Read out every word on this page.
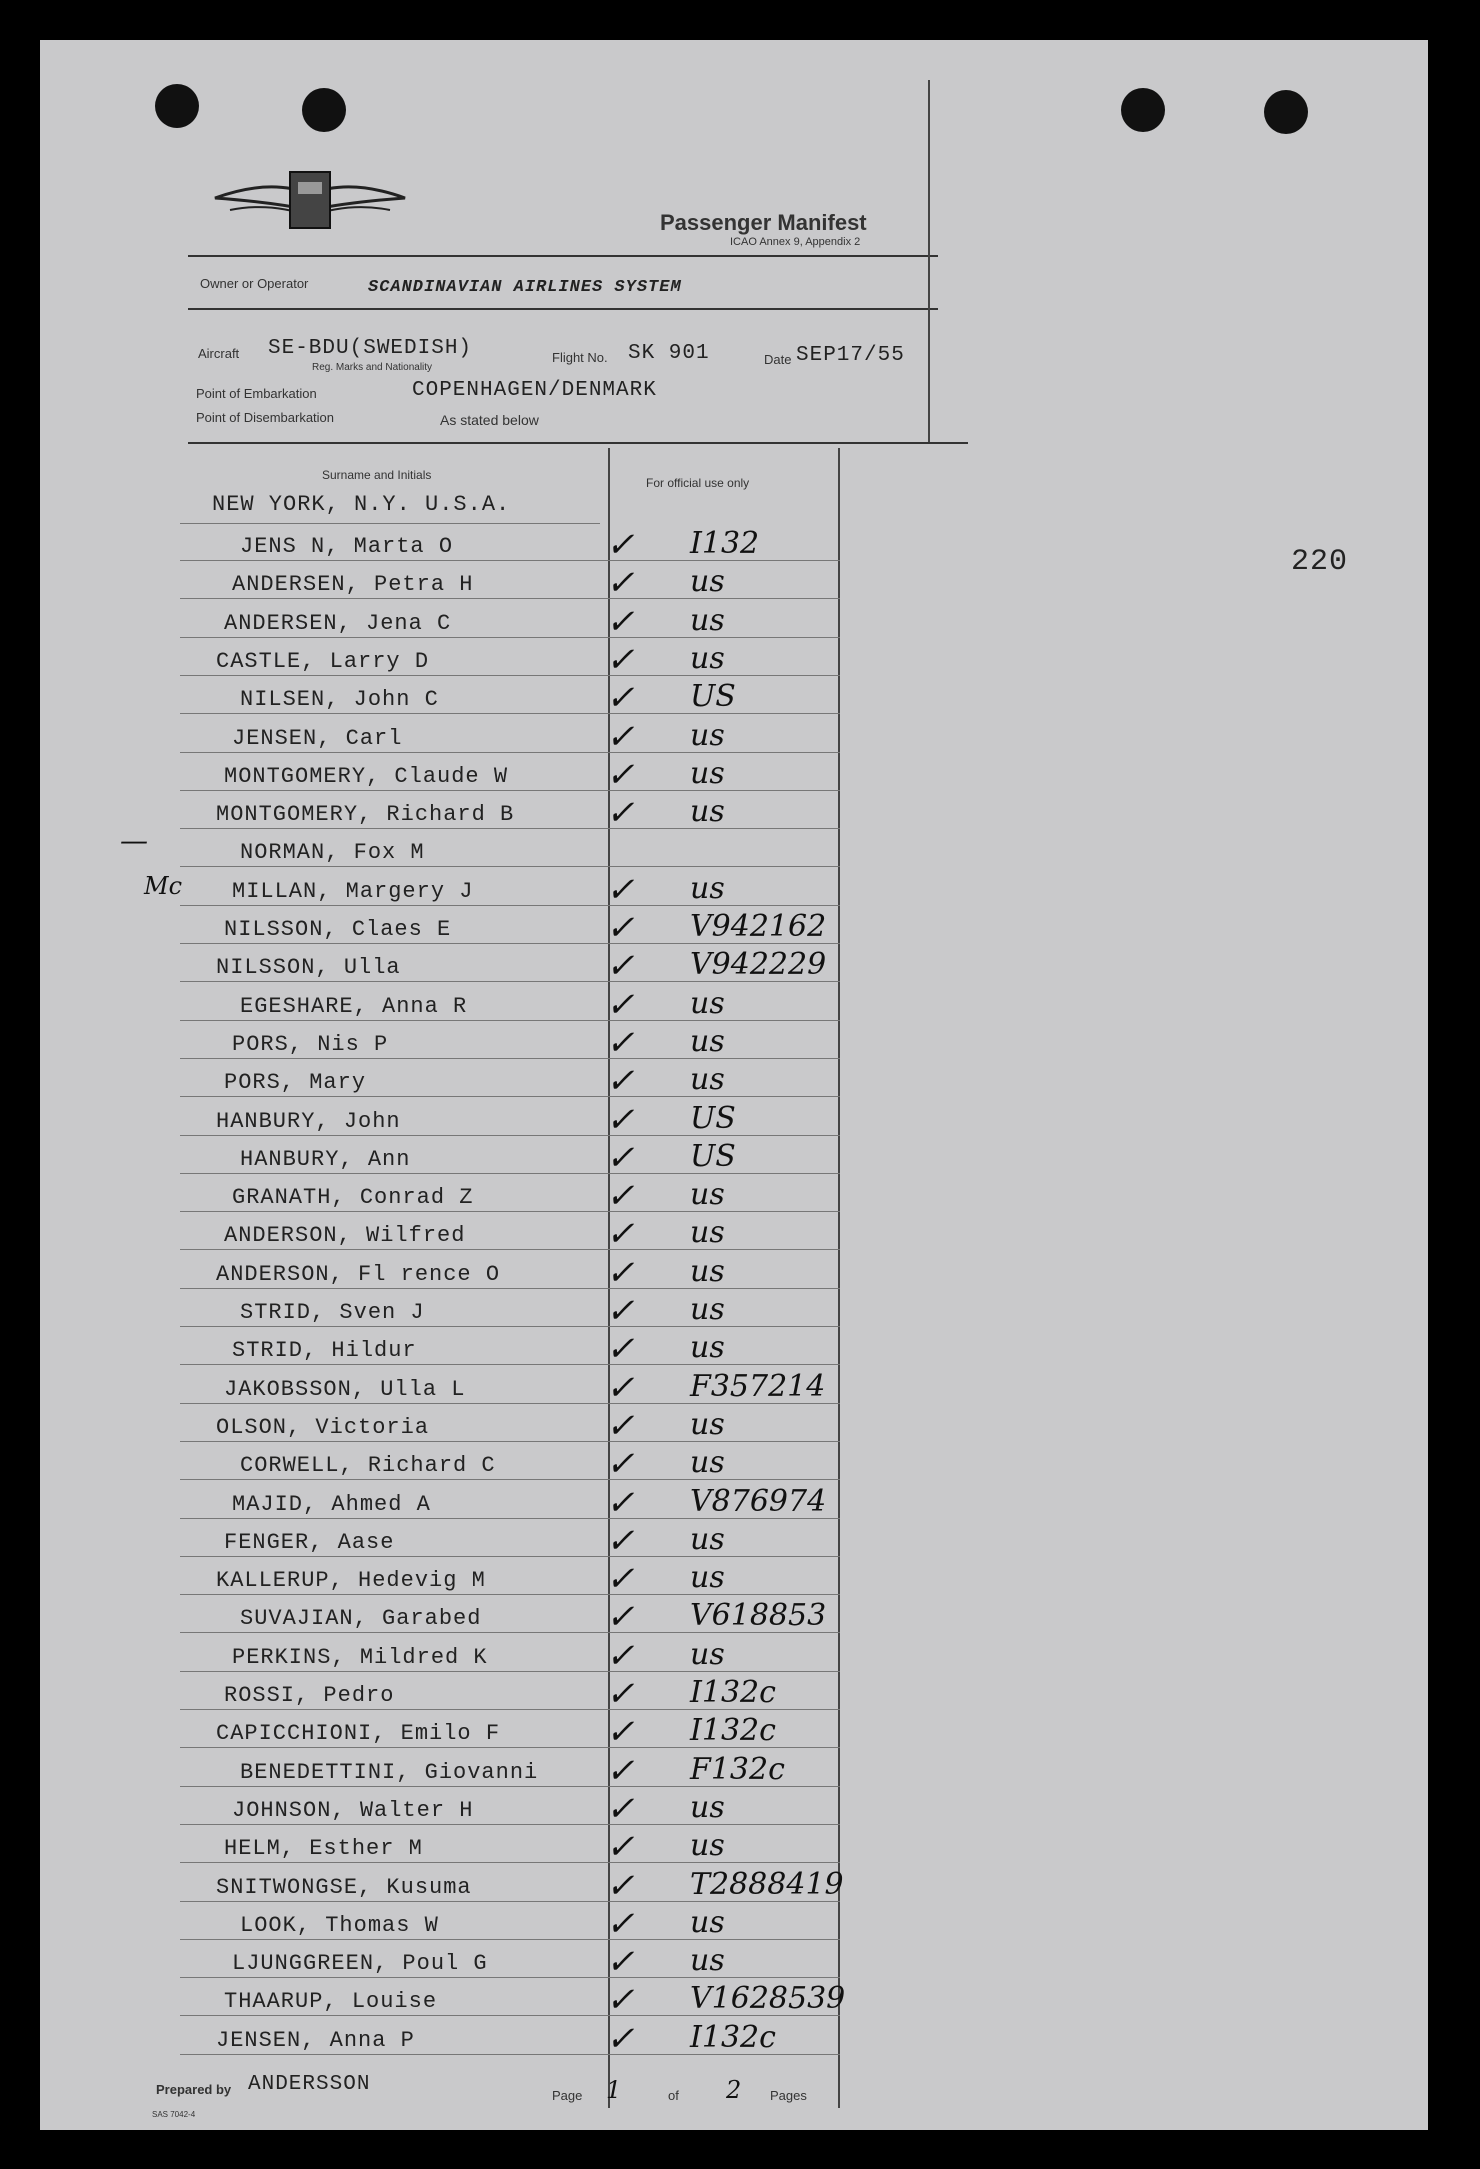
Passenger Manifest
ICAO Annex 9, Appendix 2
Owner or Operator	SCANDINAVIAN AIRLINES SYSTEM
Aircraft SE-BDU(SWEDISH)
Reg. Marks and Nationality
Flight No. SK 901	Date SEP17/55
Point of Embarkation	COPENHAGEN/DENMARK
Point of Disembarkation	As stated below
Surname and Initials
For official use only
NEW YORK, N.Y. U.S.A.
220
Mc
—
JENS N, Marta O	✓ I132
ANDERSEN, Petra H	✓ us
ANDERSEN, Jena C	✓ us
CASTLE, Larry D	✓ us
NILSEN, John C	✓ US
JENSEN, Carl	✓ us
MONTGOMERY, Claude W	✓ us
MONTGOMERY, Richard B	✓ us
NORMAN, Fox M
MILLAN, Margery J	✓ us
NILSSON, Claes E	✓ V942162
NILSSON, Ulla	✓ V942229
EGESHARE, Anna R	✓ us
PORS, Nis P	✓ us
PORS, Mary	✓ us
HANBURY, John	✓ US
HANBURY, Ann	✓ US
GRANATH, Conrad Z	✓ us
ANDERSON, Wilfred	✓ us
ANDERSON, Fl rence O	✓ us
STRID, Sven J	✓ us
STRID, Hildur	✓ us
JAKOBSSON, Ulla L	✓ F357214
OLSON, Victoria	✓ us
CORWELL, Richard C	✓ us
MAJID, Ahmed A	✓ V876974
FENGER, Aase	✓ us
KALLERUP, Hedevig M	✓ us
SUVAJIAN, Garabed	✓ V618853
PERKINS, Mildred K	✓ us
ROSSI, Pedro	✓ I132c
CAPICCHIONI, Emilo F	✓ I132c
BENEDETTINI, Giovanni ✓ F132c
JOHNSON, Walter H	✓ us
HELM, Esther M	✓ us
SNITWONGSE, Kusuma	✓ T2888419
LOOK, Thomas W	✓ us
LJUNGGREEN, Poul G	✓ us
THAARUP, Louise	✓ V1628539
JENSEN, Anna P	✓ I132c
Prepared by ANDERSSON	Page 1	of 2 Pages
SAS 7042-4
